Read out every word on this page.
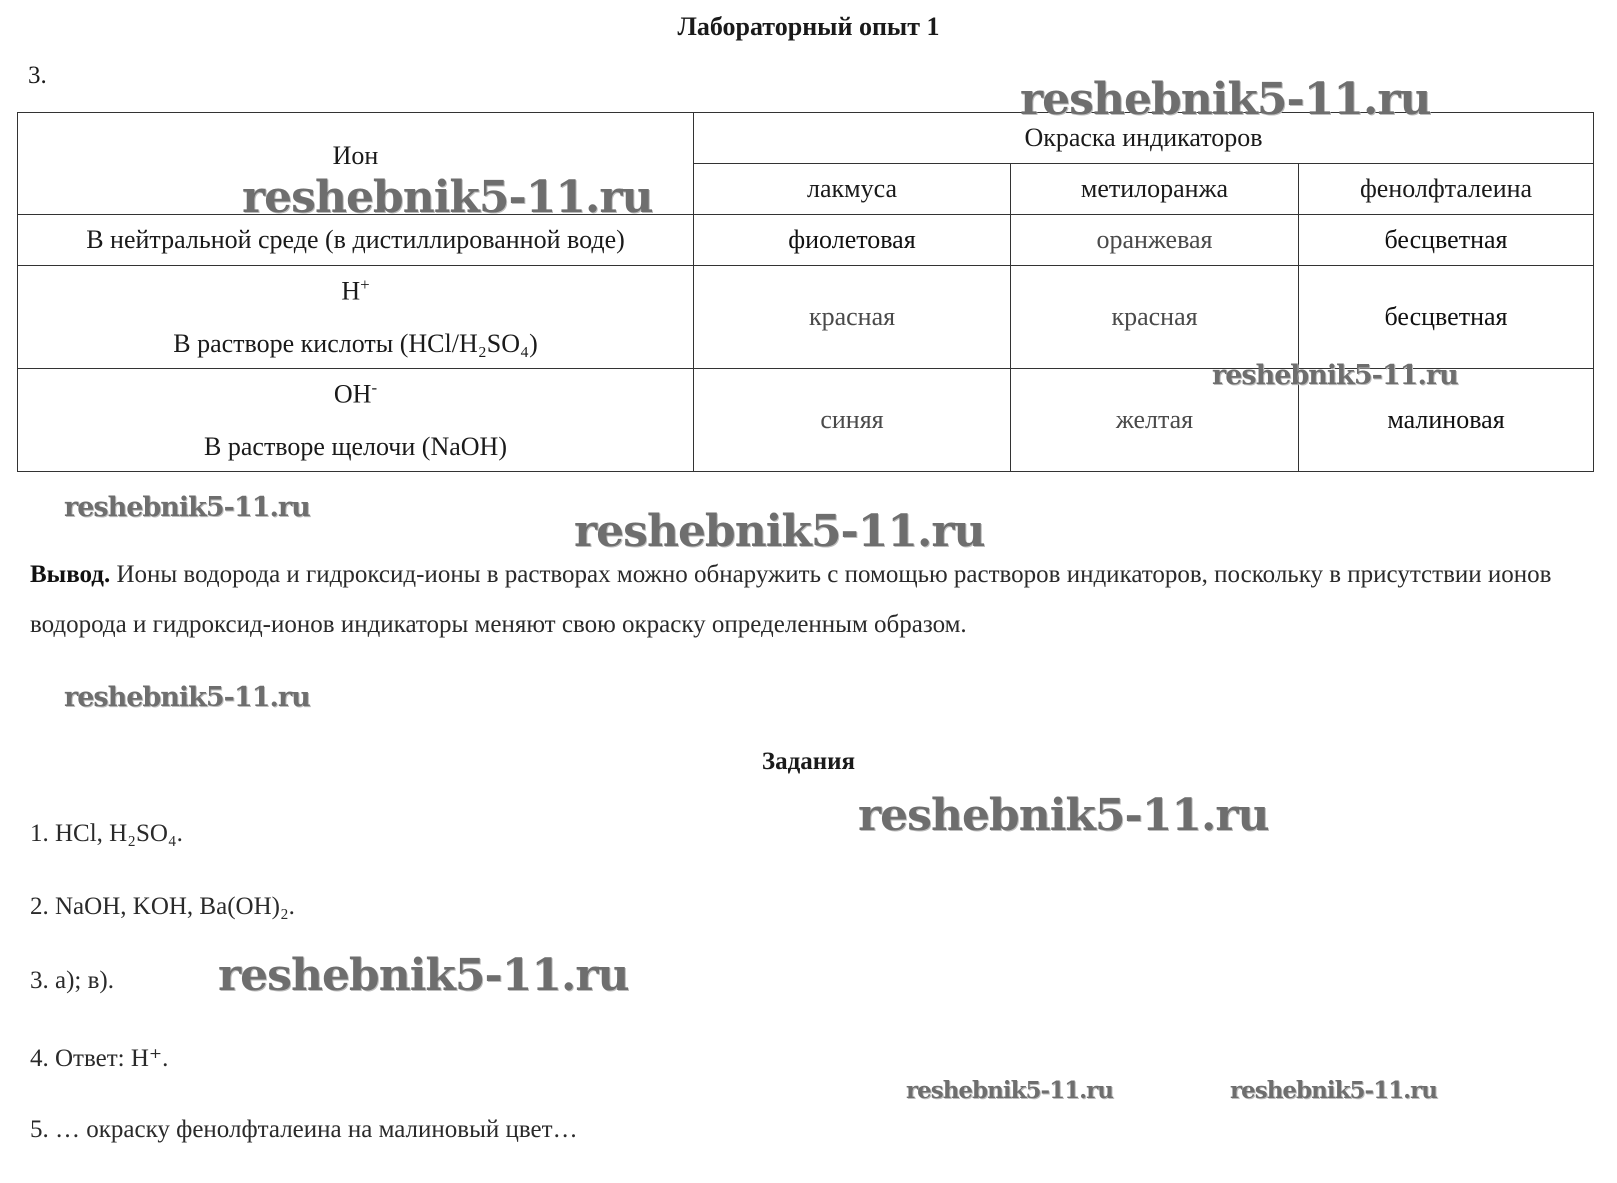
Лабораторный опыт 1
3.
Ион	Окраска индикаторов		
	лакмуса	метилоранжа	фенолфталеина
В нейтральной среде (в дистиллированной воде)	фиолетовая	оранжевая	бесцветная

H+
В растворе кислоты (HCl/H₂SO₄)	красная	красная	бесцветная

OH-
В растворе щелочи (NaOH)	синяя	желтая	малиновая
Вывод. Ионы водорода и гидроксид-ионы в растворах можно обнаружить с помощью растворов индикаторов, поскольку в присутствии ионов водорода и гидроксид-ионов индикаторы меняют свою окраску определенным образом.
Задания
1. HCl, H₂SO₄.
2. NaOH, KOH, Ba(OH)₂.
3. а); в).
4. Ответ: H⁺.
5. … окраску фенолфталеина на малиновый цвет…
reshebnik5-11.ru
reshebnik5-11.ru
reshebnik5-11.ru
reshebnik5-11.ru	reshebnik5-11.ru
reshebnik5-11.ru
reshebnik5-11.ru
reshebnik5-11.ru
reshebnik5-11.ru	reshebnik5-11.ru
